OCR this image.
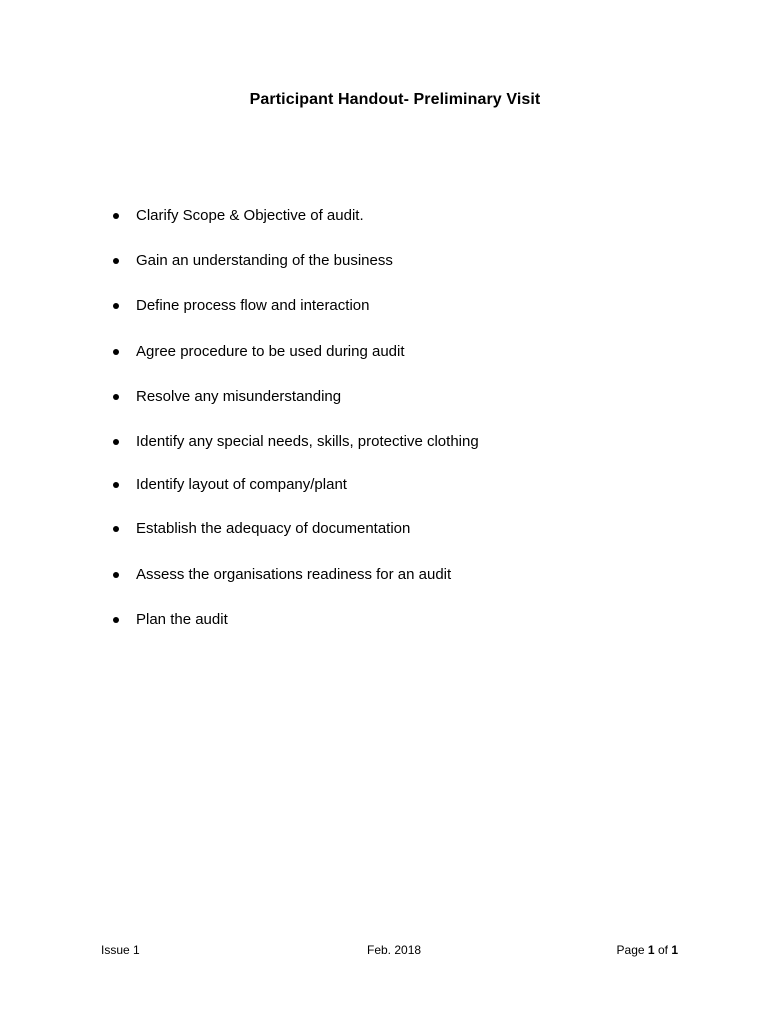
Participant Handout- Preliminary Visit
Clarify Scope & Objective of audit.
Gain an understanding of the business
Define process flow and interaction
Agree procedure to be used during audit
Resolve any misunderstanding
Identify any special needs, skills, protective clothing
Identify layout of company/plant
Establish the adequacy of documentation
Assess the organisations readiness for an audit
Plan the audit
Issue 1	Feb. 2018	Page 1 of 1
